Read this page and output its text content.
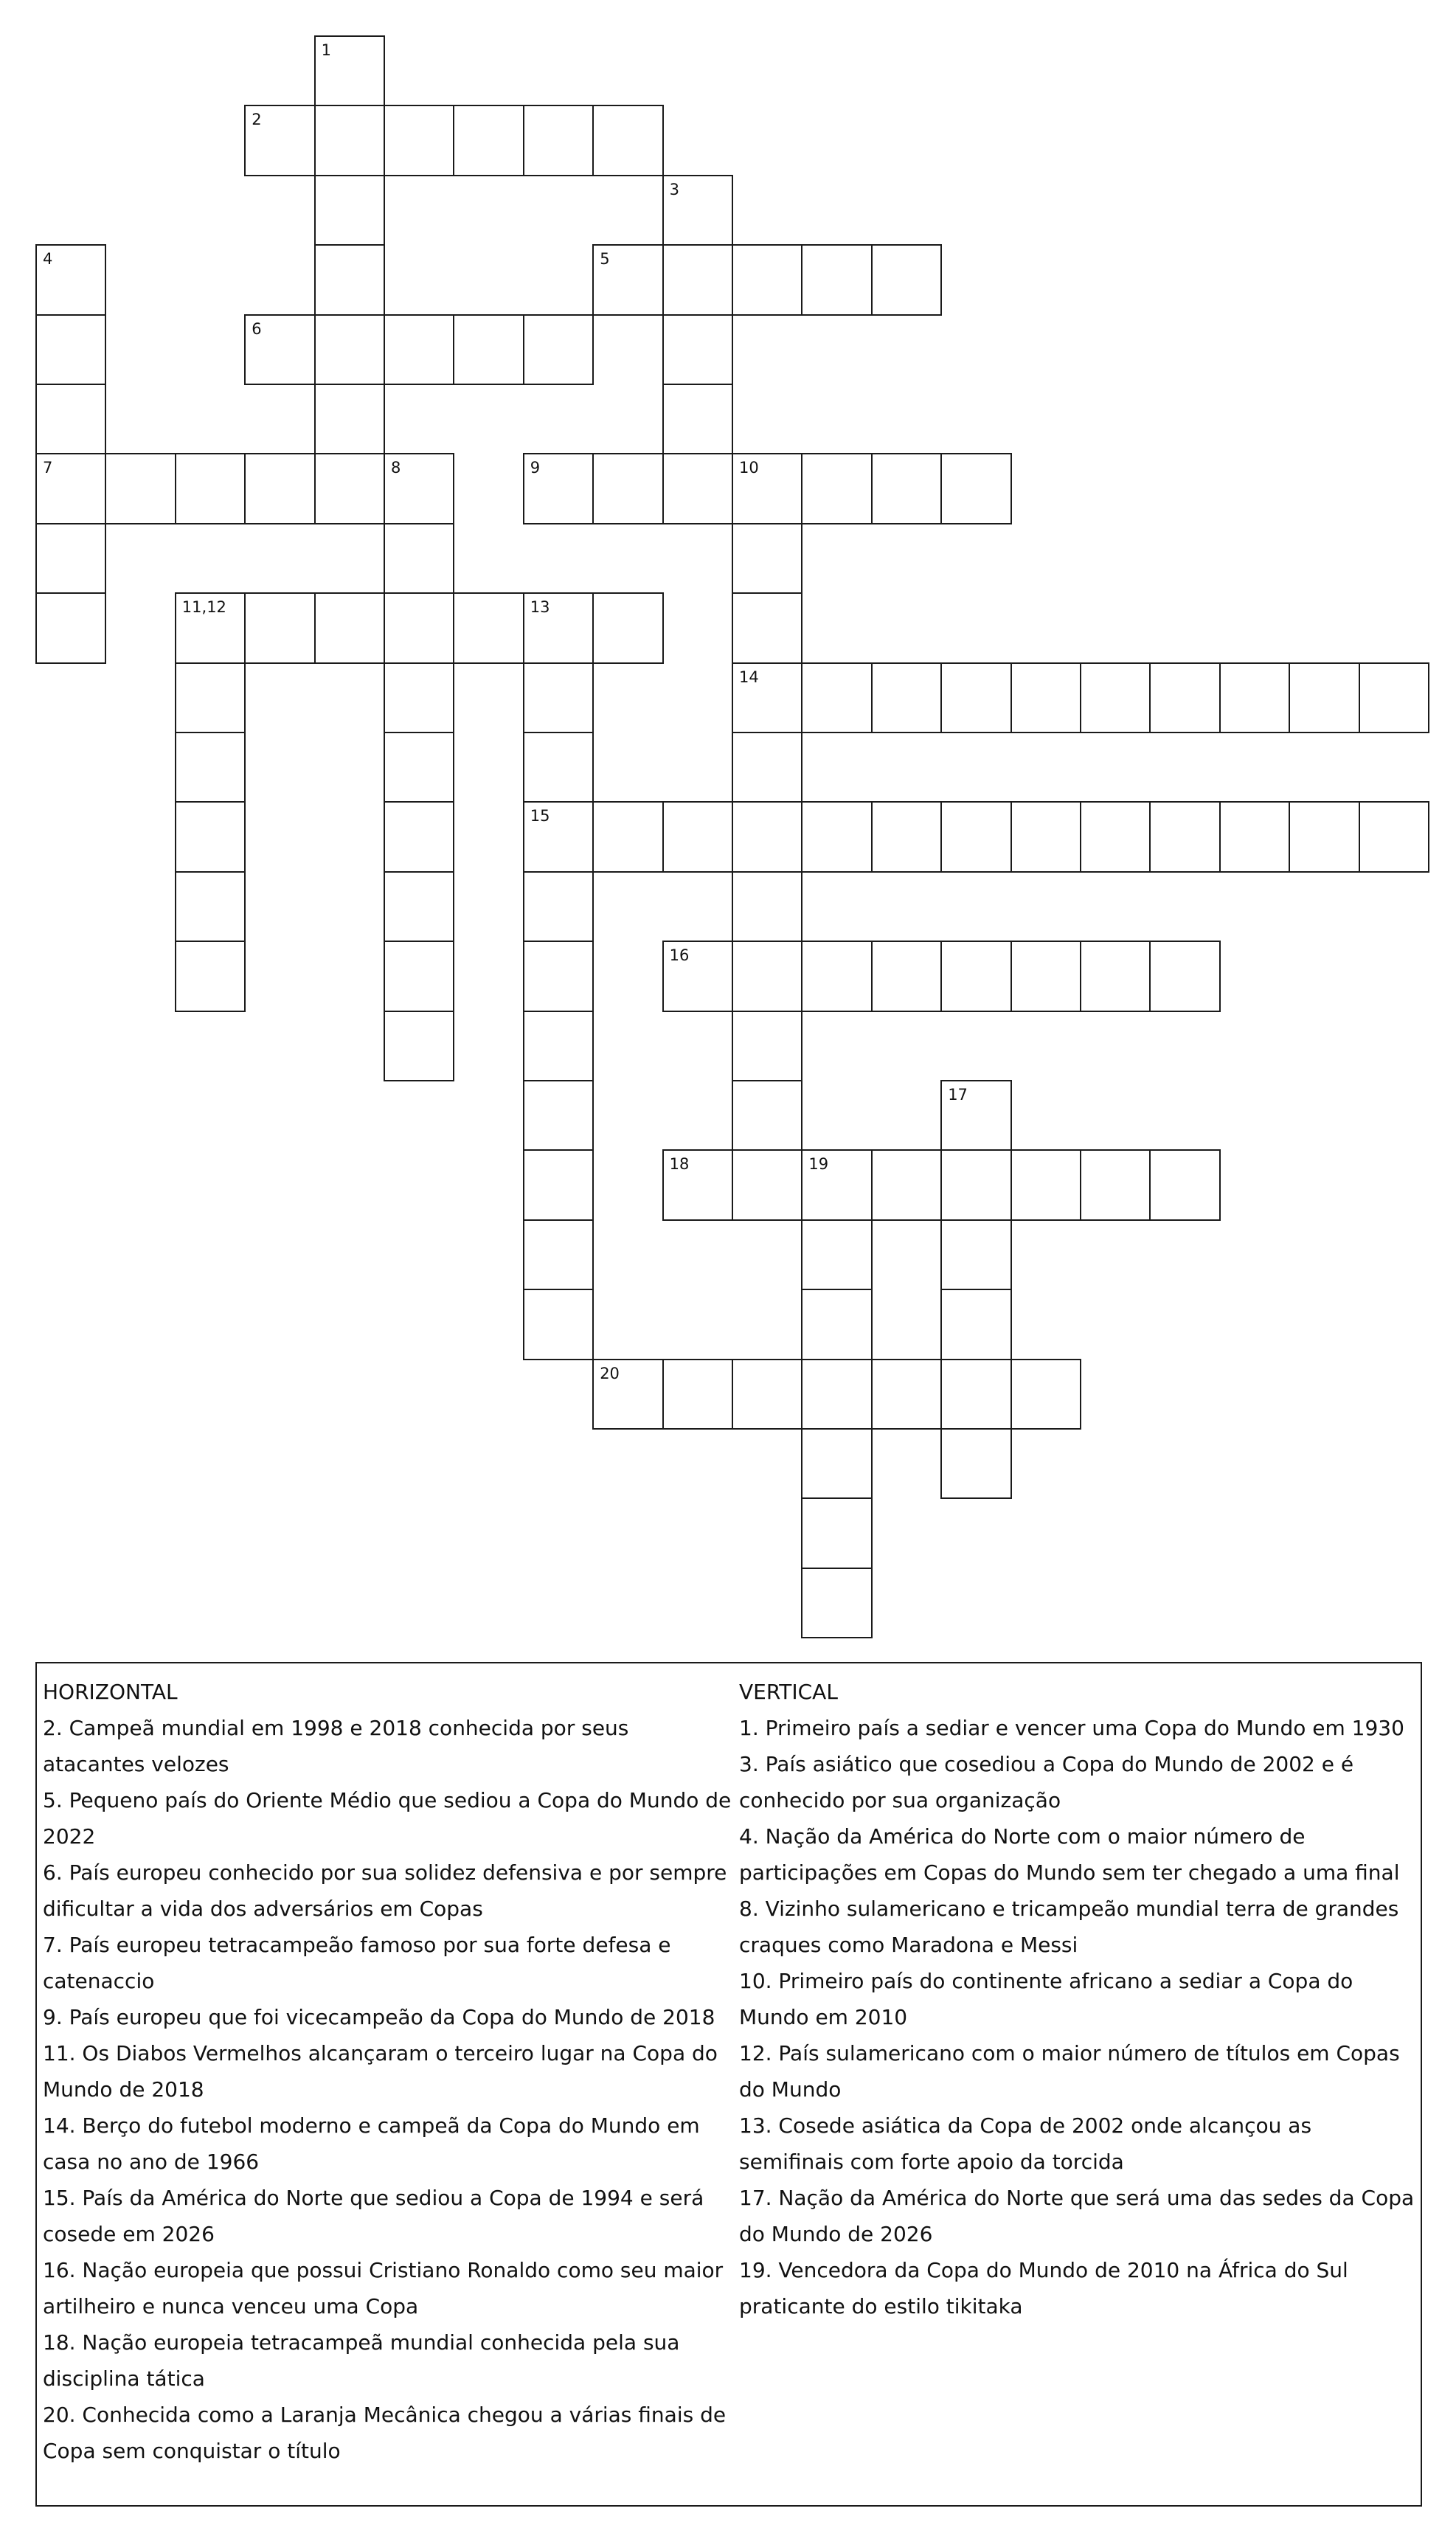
1
2
3
4	5
6
7	8	9	10
11,12	13
14
15
16
17
18	19
20
HORIZONTAL
2. Campeã mundial em 1998 e 2018 conhecida por seus atacantes velozes
5. Pequeno país do Oriente Médio que sediou a Copa do Mundo de 2022
6. País europeu conhecido por sua solidez defensiva e por sempre dificultar a vida dos adversários em Copas
7. País europeu tetracampeão famoso por sua forte defesa e catenaccio
9. País europeu que foi vicecampeão da Copa do Mundo de 2018
11. Os Diabos Vermelhos alcançaram o terceiro lugar na Copa do Mundo de 2018
14. Berço do futebol moderno e campeã da Copa do Mundo em casa no ano de 1966
15. País da América do Norte que sediou a Copa de 1994 e será cosede em 2026
16. Nação europeia que possui Cristiano Ronaldo como seu maior artilheiro e nunca venceu uma Copa
18. Nação europeia tetracampeã mundial conhecida pela sua disciplina tática
20. Conhecida como a Laranja Mecânica chegou a várias finais de Copa sem conquistar o título
VERTICAL
1. Primeiro país a sediar e vencer uma Copa do Mundo em 1930
3. País asiático que cosediou a Copa do Mundo de 2002 e é conhecido por sua organização
4. Nação da América do Norte com o maior número de participações em Copas do Mundo sem ter chegado a uma final
8. Vizinho sulamericano e tricampeão mundial terra de grandes craques como Maradona e Messi
10. Primeiro país do continente africano a sediar a Copa do Mundo em 2010
12. País sulamericano com o maior número de títulos em Copas do Mundo
13. Cosede asiática da Copa de 2002 onde alcançou as semifinais com forte apoio da torcida
17. Nação da América do Norte que será uma das sedes da Copa do Mundo de 2026
19. Vencedora da Copa do Mundo de 2010 na África do Sul praticante do estilo tikitaka
